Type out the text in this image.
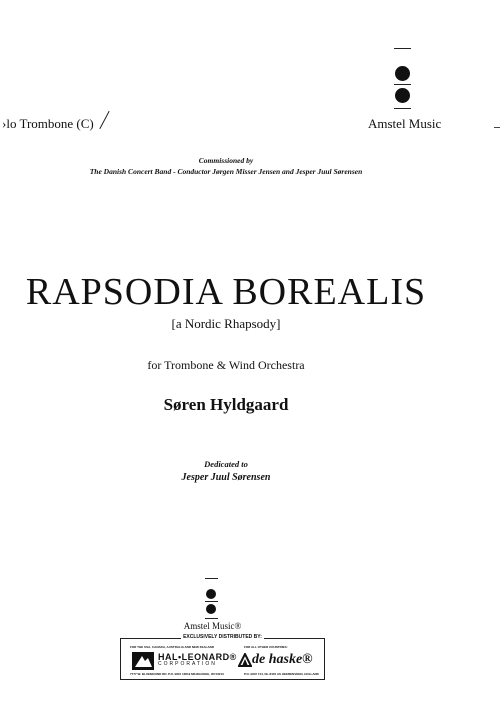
›lo Trombone (C)	Amstel Music
Commissioned by
The Danish Concert Band - Conductor Jørgen Misser Jensen and Jesper Juul Sørensen
RAPSODIA BOREALIS
[a Nordic Rhapsody]
for Trombone & Wind Orchestra
Søren Hyldgaard
Dedicated to
Jesper Juul Sørensen
Amstel Music®
EXCLUSIVELY DISTRIBUTED BY:
FOR THE USA, CANADA, AUSTRALIA AND NEW ZEALAND	FOR ALL OTHER COUNTRIES:
HAL•LEONARD®
CORPORATION	de haske®
7777 W. BLUEMOUND RD. P.O. BOX 13819 MILWAUKEE, WI 53213	P.O. BOX 744, NL-8440 AS HEERENVEEN, HOLLAND
